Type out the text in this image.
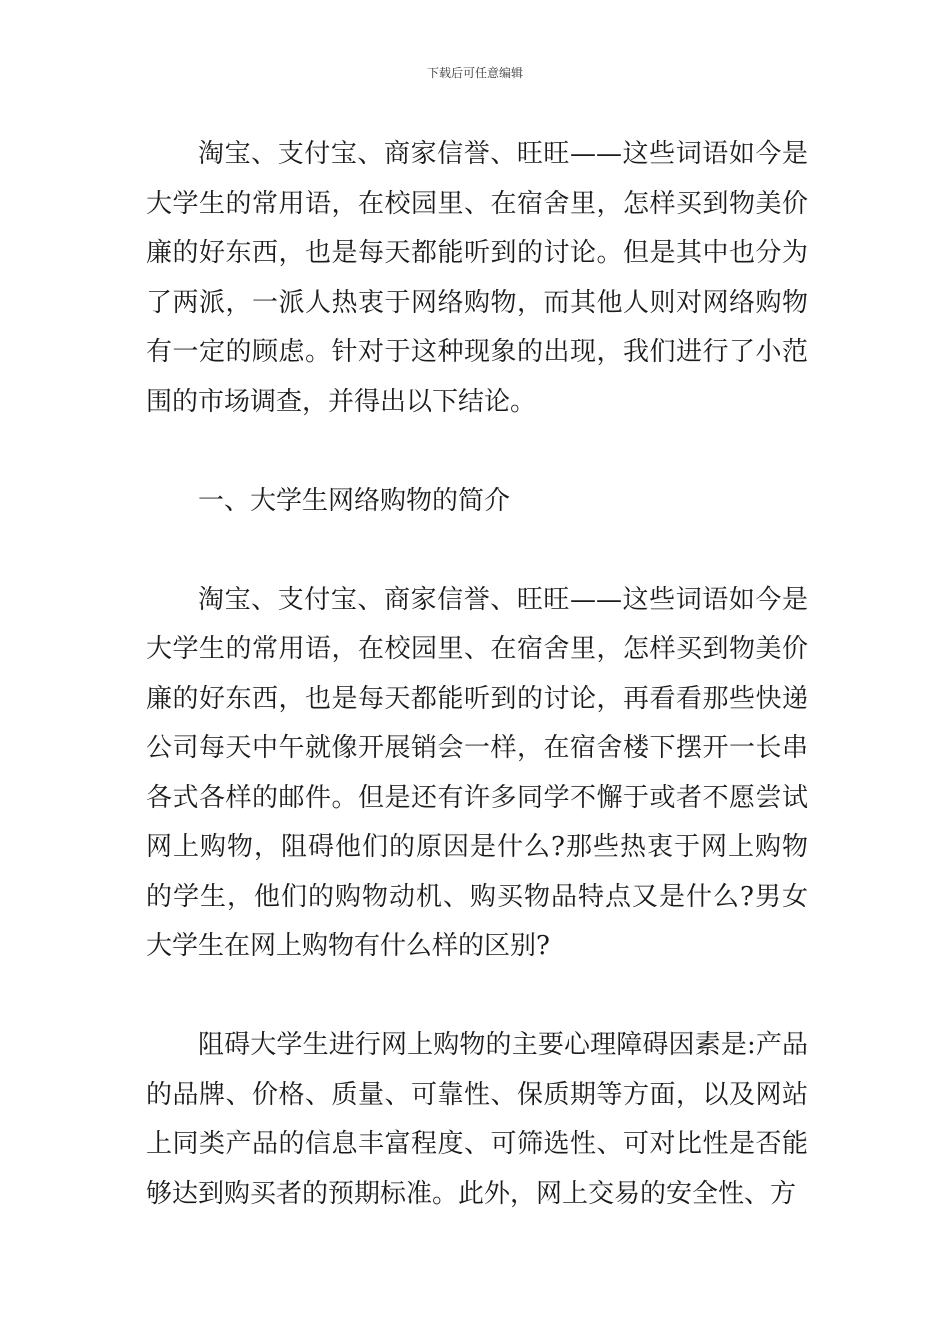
下载后可任意编辑

淘宝、支付宝、商家信誉、旺旺——这些词语如今是大学生的常用语，在校园里、在宿舍里，怎样买到物美价廉的好东西，也是每天都能听到的讨论。但是其中也分为了两派，一派人热衷于网络购物，而其他人则对网络购物有一定的顾虑。针对于这种现象的出现，我们进行了小范围的市场调查，并得出以下结论。

一、大学生网络购物的简介

淘宝、支付宝、商家信誉、旺旺——这些词语如今是大学生的常用语，在校园里、在宿舍里，怎样买到物美价廉的好东西，也是每天都能听到的讨论，再看看那些快递公司每天中午就像开展销会一样，在宿舍楼下摆开一长串各式各样的邮件。但是还有许多同学不懈于或者不愿尝试网上购物，阻碍他们的原因是什么?那些热衷于网上购物的学生，他们的购物动机、购买物品特点又是什么?男女大学生在网上购物有什么样的区别?

阻碍大学生进行网上购物的主要心理障碍因素是:产品的品牌、价格、质量、可靠性、保质期等方面，以及网站上同类产品的信息丰富程度、可筛选性、可对比性是否能够达到购买者的预期标准。此外，网上交易的安全性、方
